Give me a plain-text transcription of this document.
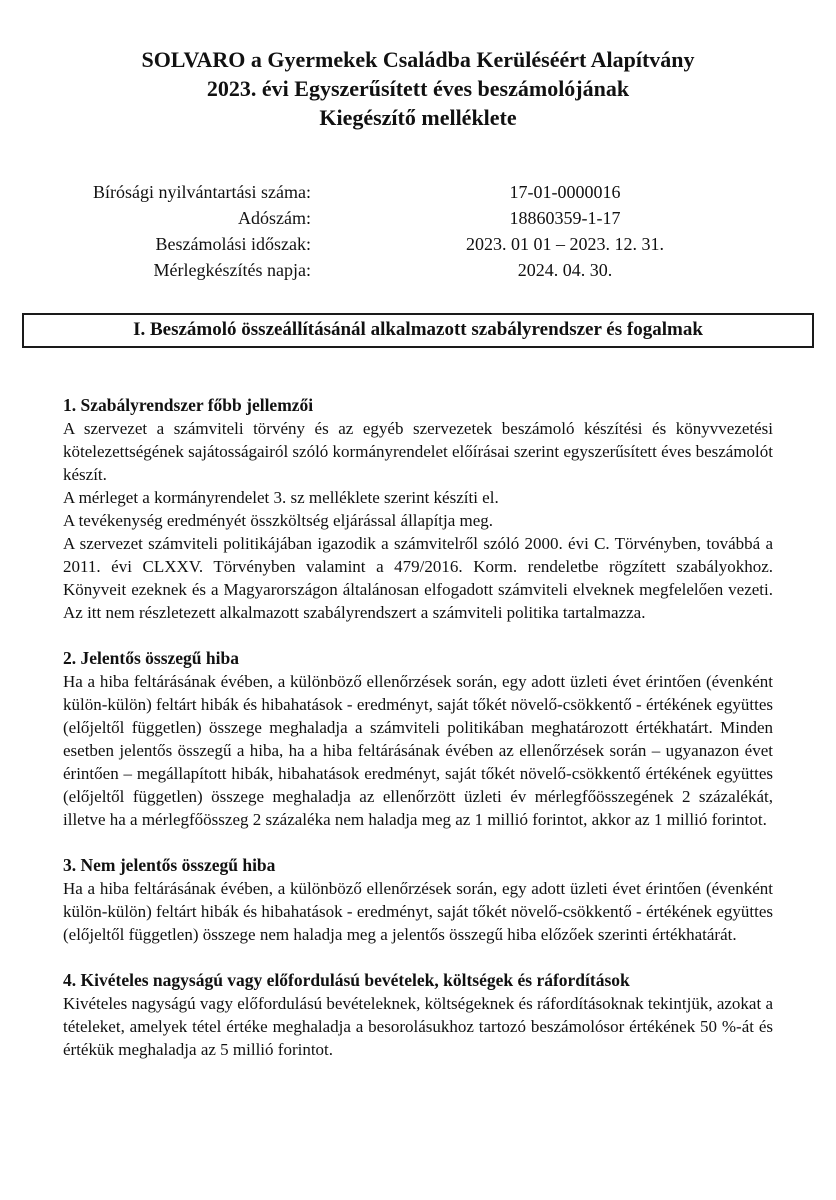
SOLVARO a Gyermekek Családba Kerüléséért Alapítvány
2023. évi Egyszerűsített éves beszámolójának
Kiegészítő melléklete
Bírósági nyilvántartási száma:	17-01-0000016
Adószám:	18860359-1-17
Beszámolási időszak:	2023. 01 01 – 2023. 12. 31.
Mérlegkészítés napja:	2024. 04. 30.
I. Beszámoló összeállításánál alkalmazott szabályrendszer és fogalmak
1. Szabályrendszer főbb jellemzői

A szervezet a számviteli törvény és az egyéb szervezetek beszámoló készítési és könyvvezetési kötelezettségének sajátosságairól szóló kormányrendelet előírásai szerint egyszerűsített éves beszámolót készít.

A mérleget a kormányrendelet 3. sz melléklete szerint készíti el.

A tevékenység eredményét összköltség eljárással állapítja meg.

A szervezet számviteli politikájában igazodik a számvitelről szóló 2000. évi C. Törvényben, továbbá a 2011. évi CLXXV. Törvényben valamint a 479/2016. Korm. rendeletbe rögzített szabályokhoz. Könyveit ezeknek és a Magyarországon általánosan elfogadott számviteli elveknek megfelelően vezeti. Az itt nem részletezett alkalmazott szabályrendszert a számviteli politika tartalmazza.

2. Jelentős összegű hiba

Ha a hiba feltárásának évében, a különböző ellenőrzések során, egy adott üzleti évet érintően (évenként külön-külön) feltárt hibák és hibahatások - eredményt, saját tőkét növelő-csökkentő - értékének együttes (előjeltől független) összege meghaladja a számviteli politikában meghatározott értékhatárt. Minden esetben jelentős összegű a hiba, ha a hiba feltárásának évében az ellenőrzések során – ugyanazon évet érintően – megállapított hibák, hibahatások eredményt, saját tőkét növelő-csökkentő értékének együttes (előjeltől független) összege meghaladja az ellenőrzött üzleti év mérlegfőösszegének 2 százalékát, illetve ha a mérlegfőösszeg 2 százaléka nem haladja meg az 1 millió forintot, akkor az 1 millió forintot.

3. Nem jelentős összegű hiba

Ha a hiba feltárásának évében, a különböző ellenőrzések során, egy adott üzleti évet érintően (évenként külön-külön) feltárt hibák és hibahatások - eredményt, saját tőkét növelő-csökkentő - értékének együttes (előjeltől független) összege nem haladja meg a jelentős összegű hiba előzőek szerinti értékhatárát.

4. Kivételes nagyságú vagy előfordulású bevételek, költségek és ráfordítások

Kivételes nagyságú vagy előfordulású bevételeknek, költségeknek és ráfordításoknak tekintjük, azokat a tételeket, amelyek tétel értéke meghaladja a besorolásukhoz tartozó beszámolósor értékének 50 %-át és értékük meghaladja az 5 millió forintot.
